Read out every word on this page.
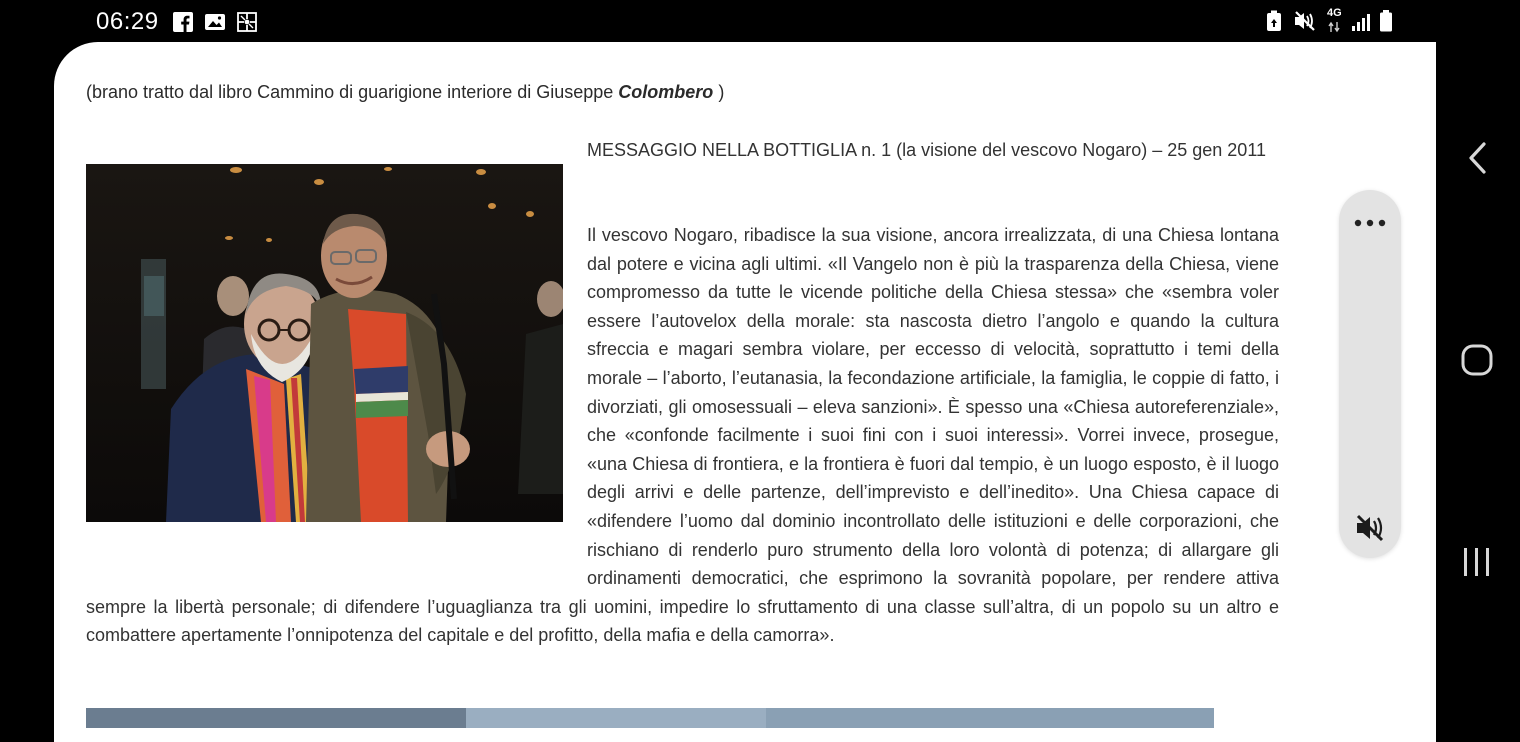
06:29	4G
(brano tratto dal libro Cammino di guarigione interiore di Giuseppe Colombero )
MESSAGGIO NELLA BOTTIGLIA n. 1 (la visione del vescovo Nogaro) – 25 gen 2011

Il vescovo Nogaro, ribadisce la sua visione, ancora irrealizzata, di una Chiesa lontana dal potere e vicina agli ultimi. «Il Vangelo non è più la trasparenza della Chiesa, viene compromesso da tutte le vicende politiche della Chiesa stessa» che «sembra voler essere l’autovelox della morale: sta nascosta dietro l’angolo e quando la cultura sfreccia e magari sembra violare, per eccesso di velocità, soprattutto i temi della morale – l’aborto, l’eutanasia, la fecondazione artificiale, la famiglia, le coppie di fatto, i divorziati, gli omosessuali – eleva sanzioni». È spesso una «Chiesa autoreferenziale», che «confonde facilmente i suoi fini con i suoi interessi». Vorrei invece, prosegue, «una Chiesa di frontiera, e la frontiera è fuori dal tempio, è un luogo esposto, è il luogo degli arrivi e delle partenze, dell’imprevisto e dell’inedito». Una Chiesa capace di «difendere l’uomo dal dominio incontrollato delle istituzioni e delle corporazioni, che rischiano di renderlo puro strumento della loro volontà di potenza; di allargare gli ordinamenti democratici, che esprimono la sovranità popolare, per rendere attiva sempre la libertà personale; di difendere l’uguaglianza tra gli uomini, impedire lo sfruttamento di una classe sull’altra, di un popolo su un altro e combattere apertamente l’onnipotenza del capitale e del profitto, della mafia e della camorra».
